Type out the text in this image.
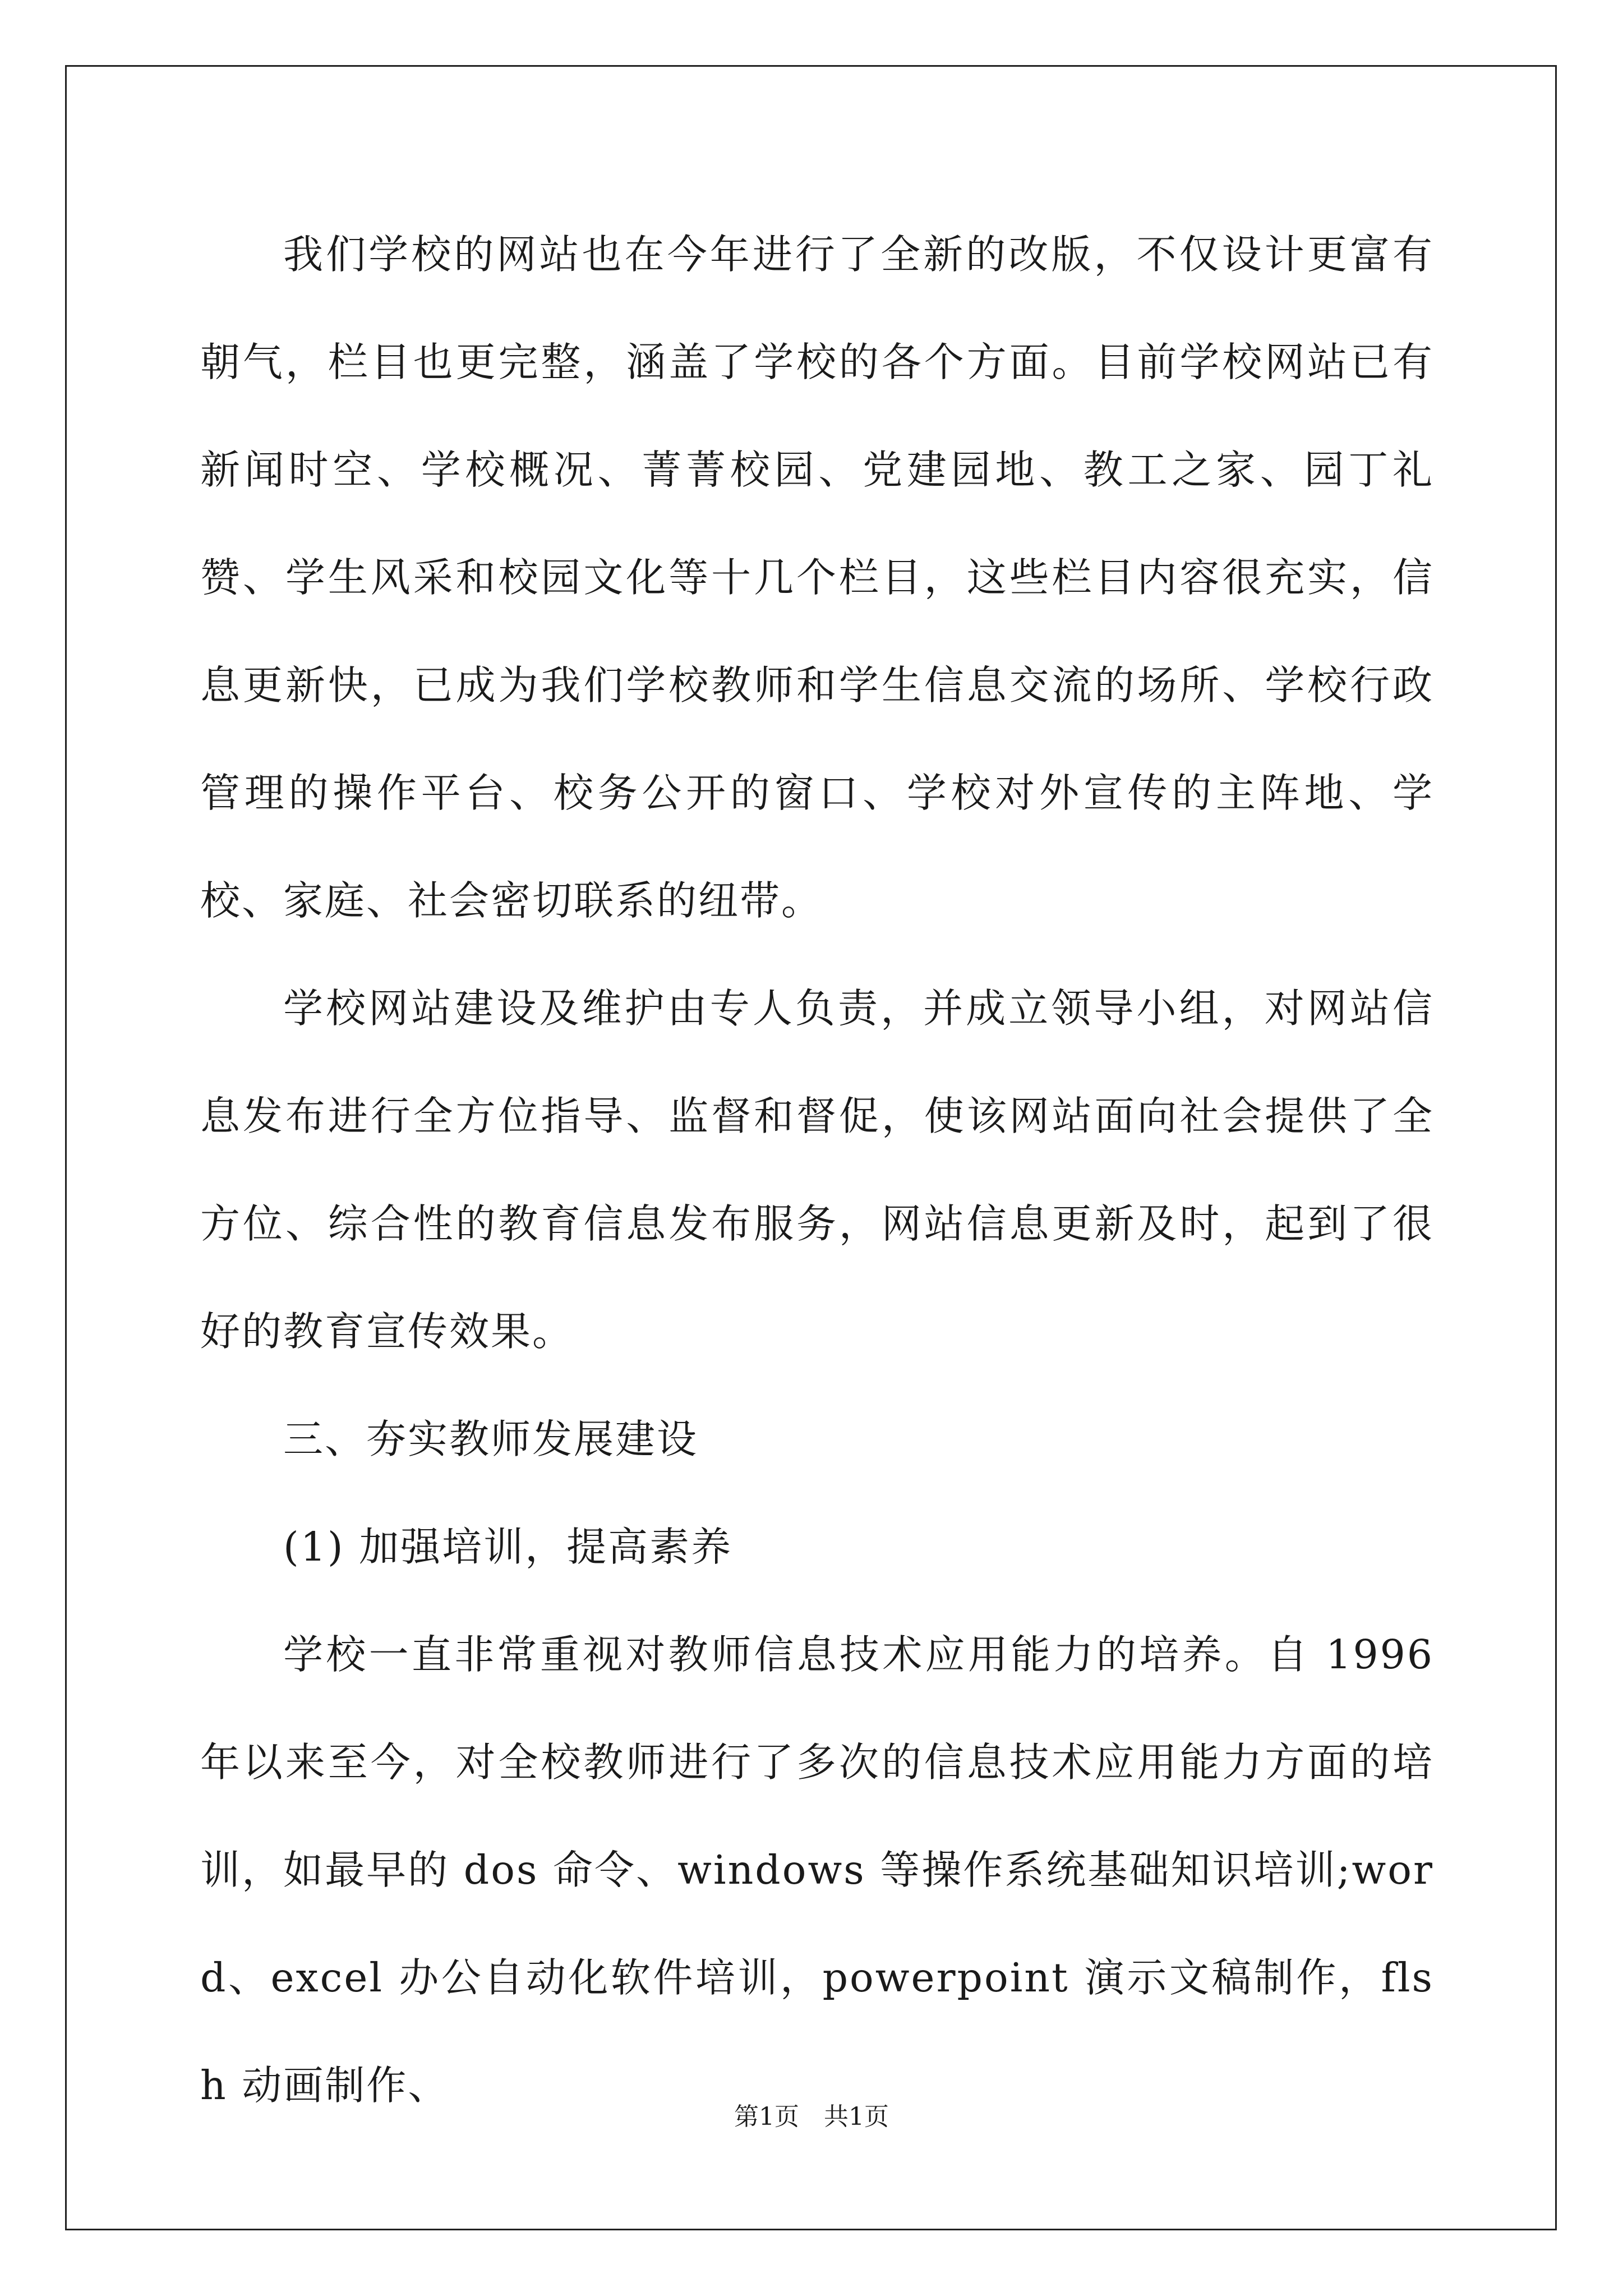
我们学校的网站也在今年进行了全新的改版，不仅设计更富有朝气，栏目也更完整，涵盖了学校的各个方面。目前学校网站已有新闻时空、学校概况、菁菁校园、党建园地、教工之家、园丁礼赞、学生风采和校园文化等十几个栏目，这些栏目内容很充实，信息更新快，已成为我们学校教师和学生信息交流的场所、学校行政管理的操作平台、校务公开的窗口、学校对外宣传的主阵地、学校、家庭、社会密切联系的纽带。

学校网站建设及维护由专人负责，并成立领导小组，对网站信息发布进行全方位指导、监督和督促，使该网站面向社会提供了全方位、综合性的教育信息发布服务，网站信息更新及时，起到了很好的教育宣传效果。

三、夯实教师发展建设

(1) 加强培训，提高素养

学校一直非常重视对教师信息技术应用能力的培养。自 1996 年以来至今，对全校教师进行了多次的信息技术应用能力方面的培训，如最早的 dos 命令、windows 等操作系统基础知识培训;word、excel 办公自动化软件培训，powerpoint 演示文稿制作，flsh 动画制作、

第1页 共1页
